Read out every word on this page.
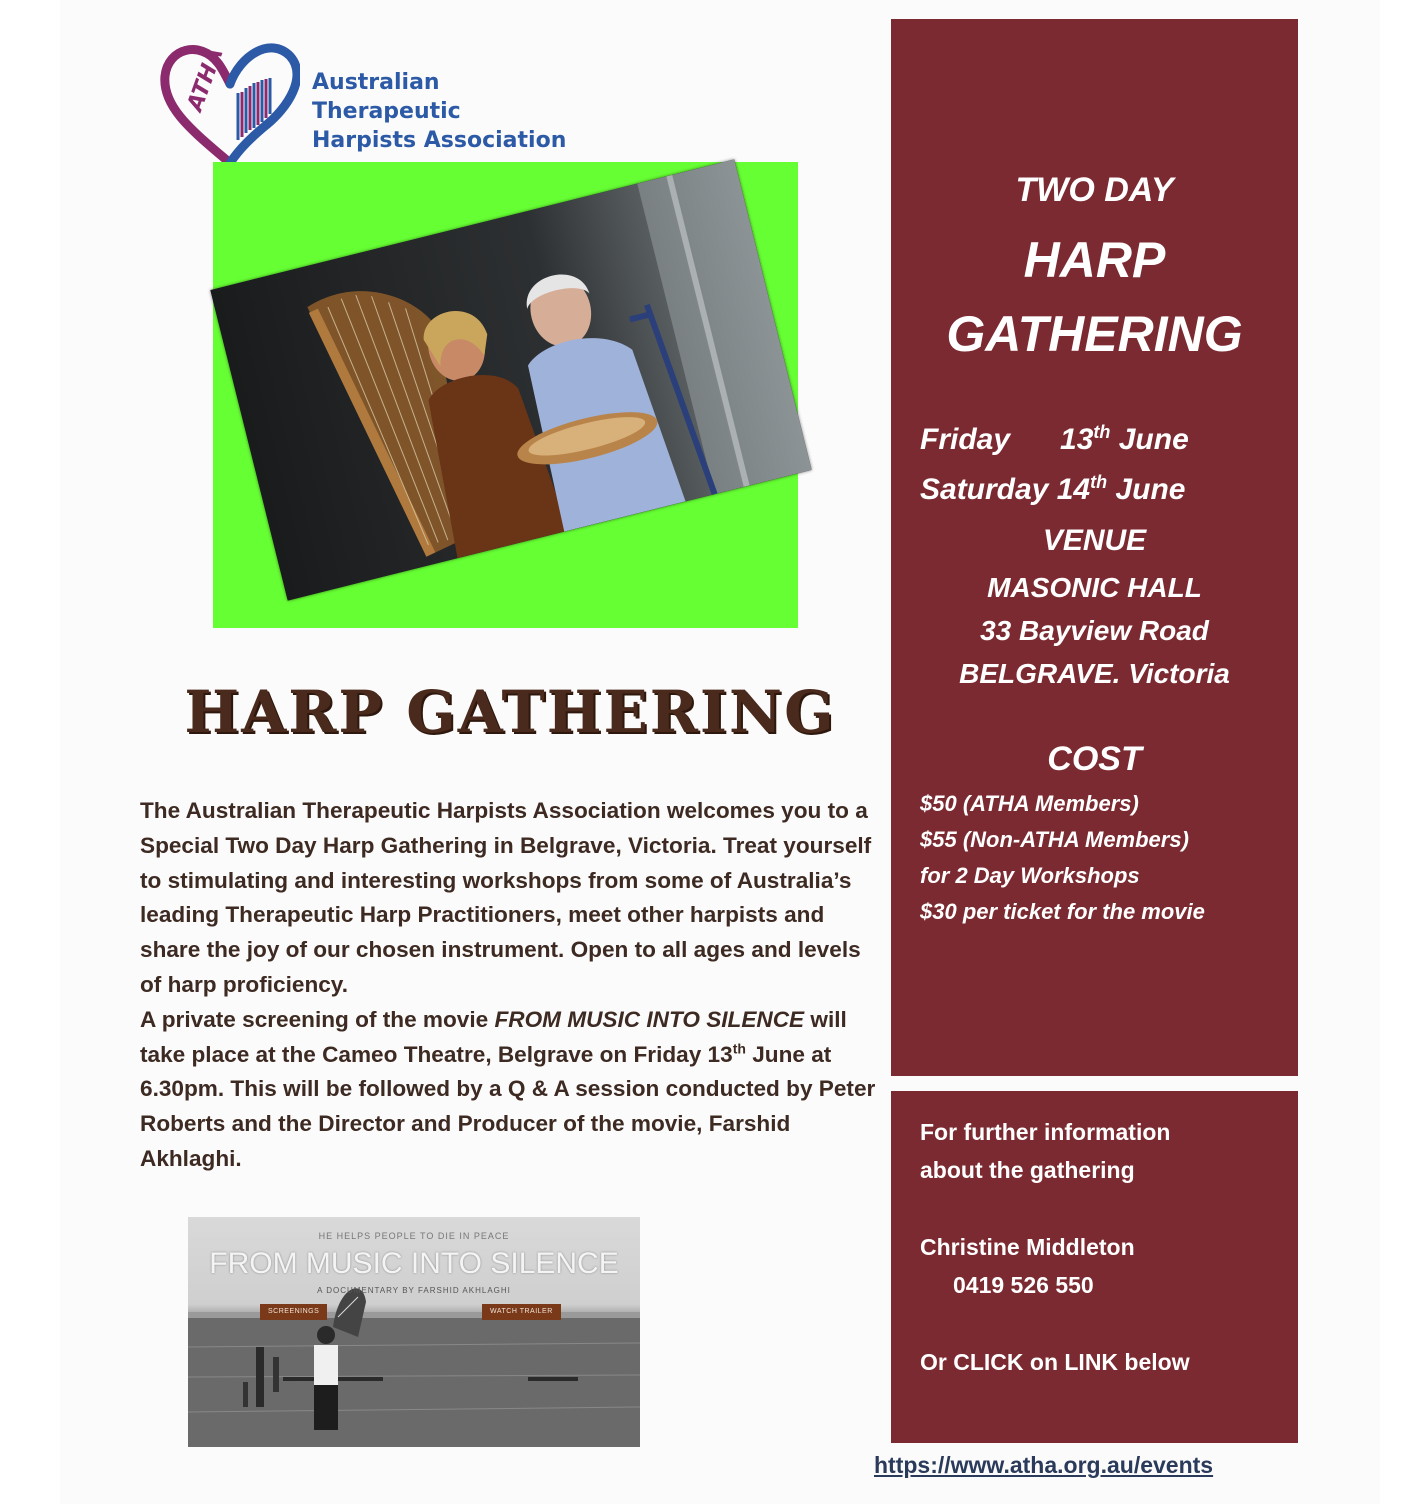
ATHA	Australian Therapeutic
Harpists Association
HARP GATHERING

The Australian Therapeutic Harpists Association welcomes you to a Special Two Day Harp Gathering in Belgrave, Victoria. Treat yourself to stimulating and interesting workshops from some of Australia’s leading Therapeutic Harp Practitioners, meet other harpists and share the joy of our chosen instrument. Open to all ages and levels of harp proficiency.

A private screening of the movie FROM MUSIC INTO SILENCE will take place at the Cameo Theatre, Belgrave on Friday 13th June at 6.30pm. This will be followed by a Q & A session conducted by Peter Roberts and the Director and Producer of the movie, Farshid Akhlaghi.

HE HELPS PEOPLE TO DIE IN PEACE
FROM MUSIC INTO SILENCE
A DOCUMENTARY BY FARSHID AKHLAGHI
SCREENINGS	WATCH TRAILER
TWO DAY
HARP
GATHERING
Friday 13th June
Saturday 14th June
VENUE
MASONIC HALL
33 Bayview Road
BELGRAVE. Victoria
COST
$50 (ATHA Members)
$55 (Non-ATHA Members)
for 2 Day Workshops
$30 per ticket for the movie
For further information
about the gathering
Christine Middleton
0419 526 550
Or CLICK on LINK below
https://www.atha.org.au/events
